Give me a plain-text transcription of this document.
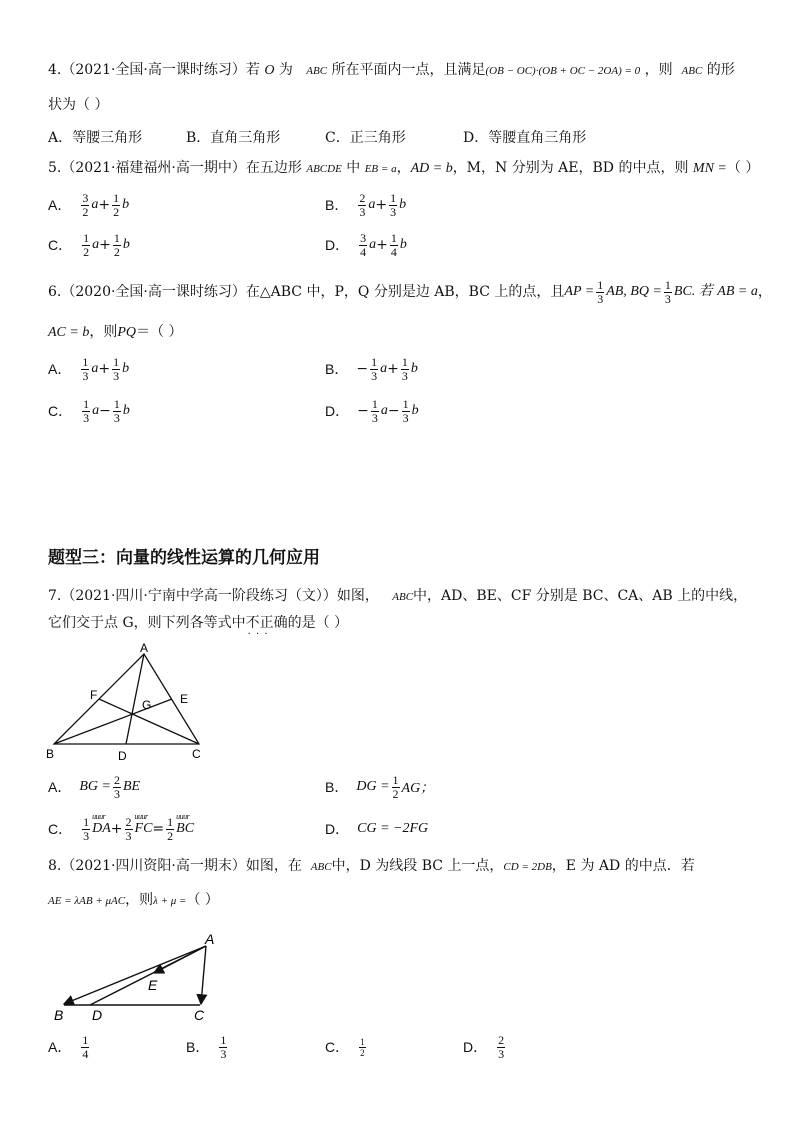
4.（2021·全国·高一课时练习）若 O 为 ABC 所在平面内一点，且满足(OB − OC)·(OB + OC − 2OA) = 0 ，则 ABC 的形
状为（ ）
A．等腰三角形	B．直角三角形	C．正三角形	D．等腰直角三角形
5.（2021·福建福州·高一期中）在五边形 ABCDE 中 EB = a，AD = b，M，N 分别为 AE，BD 的中点，则 MN =（ ）
A． $\frac{3}{2}$ $a + \frac{1}{2}$ b	B． $\frac{2}{3}$ $a + \frac{1}{3}$ b
C． $\frac{1}{2}$ $a + \frac{1}{2}$ b	D． $\frac{3}{4}$ $a + \frac{1}{4}$ b
6.（2020·全国·高一课时练习）在△ABC 中，P，Q 分别是边 AB，BC 上的点，且 AP = $\frac{1}{3}$ AB, BQ = $\frac{1}{3}$ BC. 若
AB = a ，
AC = b，则PQ＝（ ）
A． $\frac{1}{3}$ $a + \frac{1}{3}$ b	B． − $\frac{1}{3}$ $a + \frac{1}{3}$ b
C． $\frac{1}{3}$ $a - \frac{1}{3}$ b	D． − $\frac{1}{3}$ $a - \frac{1}{3}$ b
题型三：向量的线性运算的几何应用
7.（2021·四川·宁南中学高一阶段练习（文））如图， ABC中，AD、BE、CF 分别是 BC、CA、AB 上的中线，
它们交于点 G，则下列各等式中不正确 · · ·的是（ ）
A
B	C
D
E
F
G
A． BG = $\frac{2}{3}$ BE	B． DG = $\frac{1}{2}$ AG；
C． $\frac{1}{3}$ uuur DA + $\frac{2}{3}$ uuur FC = $\frac{1}{2}$ uuur BC	D． CG = −2FG
8.（2021·四川资阳·高一期末）如图，在 ABC中，D 为线段 BC 上一点，CD = 2DB，E 为 AD 的中点．若
AE = λAB + μAC，则λ + μ =（ ）
A
B	C
D
E
A． $\frac{1}{4}$	B． $\frac{1}{3}$	C． $\frac{1}{2}$	D． $\frac{2}{3}$
